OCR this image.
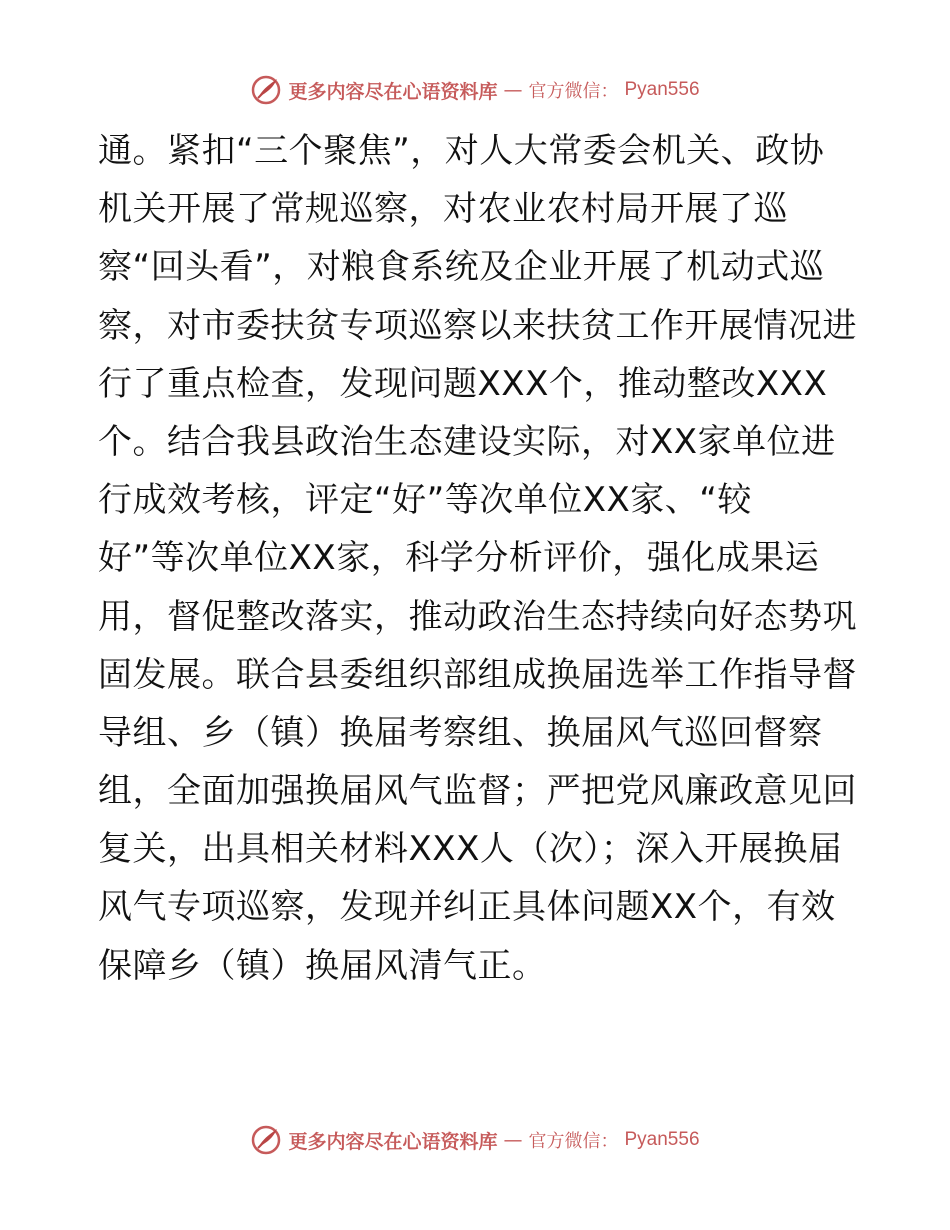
更多内容尽在心语资料库 — 官方微信： Pyan556
通。紧扣“三个聚焦”，对人大常委会机关、政协
机关开展了常规巡察，对农业农村局开展了巡
察“回头看”，对粮食系统及企业开展了机动式巡
察，对市委扶贫专项巡察以来扶贫工作开展情况进
行了重点检查，发现问题XXX个，推动整改XXX
个。结合我县政治生态建设实际，对XX家单位进
行成效考核，评定“好”等次单位XX家、“较
好”等次单位XX家，科学分析评价，强化成果运
用，督促整改落实，推动政治生态持续向好态势巩
固发展。联合县委组织部组成换届选举工作指导督
导组、乡（镇）换届考察组、换届风气巡回督察
组，全面加强换届风气监督；严把党风廉政意见回
复关，出具相关材料XXX人（次）；深入开展换届
风气专项巡察，发现并纠正具体问题XX个，有效
保障乡（镇）换届风清气正。
更多内容尽在心语资料库 — 官方微信： Pyan556
